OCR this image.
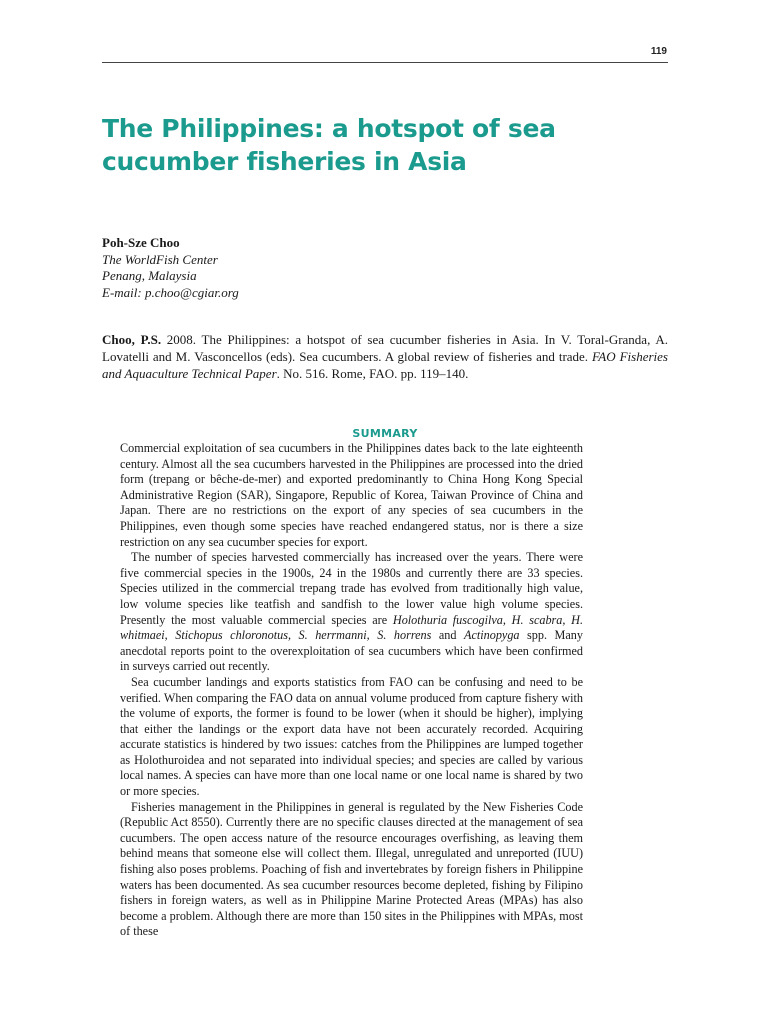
119
The Philippines: a hotspot of sea
cucumber fisheries in Asia
Poh-Sze Choo
The WorldFish Center
Penang, Malaysia
E-mail: p.choo@cgiar.org
Choo, P.S. 2008. The Philippines: a hotspot of sea cucumber fisheries in Asia. In V. Toral-Granda, A. Lovatelli and M. Vasconcellos (eds). Sea cucumbers. A global review of fisheries and trade. FAO Fisheries and Aquaculture Technical Paper. No. 516. Rome, FAO. pp. 119–140.
SUMMARY

Commercial exploitation of sea cucumbers in the Philippines dates back to the late eighteenth century. Almost all the sea cucumbers harvested in the Philippines are processed into the dried form (trepang or bêche-de-mer) and exported predominantly to China Hong Kong Special Administrative Region (SAR), Singapore, Republic of Korea, Taiwan Province of China and Japan. There are no restrictions on the export of any species of sea cucumbers in the Philippines, even though some species have reached endangered status, nor is there a size restriction on any sea cucumber species for export.

The number of species harvested commercially has increased over the years. There were five commercial species in the 1900s, 24 in the 1980s and currently there are 33 species. Species utilized in the commercial trepang trade has evolved from traditionally high value, low volume species like teatfish and sandfish to the lower value high volume species. Presently the most valuable commercial species are Holothuria fuscogilva, H. scabra, H. whitmaei, Stichopus chloronotus, S. herrmanni, S. horrens and Actinopyga spp. Many anecdotal reports point to the overexploitation of sea cucumbers which have been confirmed in surveys carried out recently.

Sea cucumber landings and exports statistics from FAO can be confusing and need to be verified. When comparing the FAO data on annual volume produced from capture fishery with the volume of exports, the former is found to be lower (when it should be higher), implying that either the landings or the export data have not been accurately recorded. Acquiring accurate statistics is hindered by two issues: catches from the Philippines are lumped together as Holothuroidea and not separated into individual species; and species are called by various local names. A species can have more than one local name or one local name is shared by two or more species.

Fisheries management in the Philippines in general is regulated by the New Fisheries Code (Republic Act 8550). Currently there are no specific clauses directed at the management of sea cucumbers. The open access nature of the resource encourages overfishing, as leaving them behind means that someone else will collect them. Illegal, unregulated and unreported (IUU) fishing also poses problems. Poaching of fish and invertebrates by foreign fishers in Philippine waters has been documented. As sea cucumber resources become depleted, fishing by Filipino fishers in foreign waters, as well as in Philippine Marine Protected Areas (MPAs) has also become a problem. Although there are more than 150 sites in the Philippines with MPAs, most of these
